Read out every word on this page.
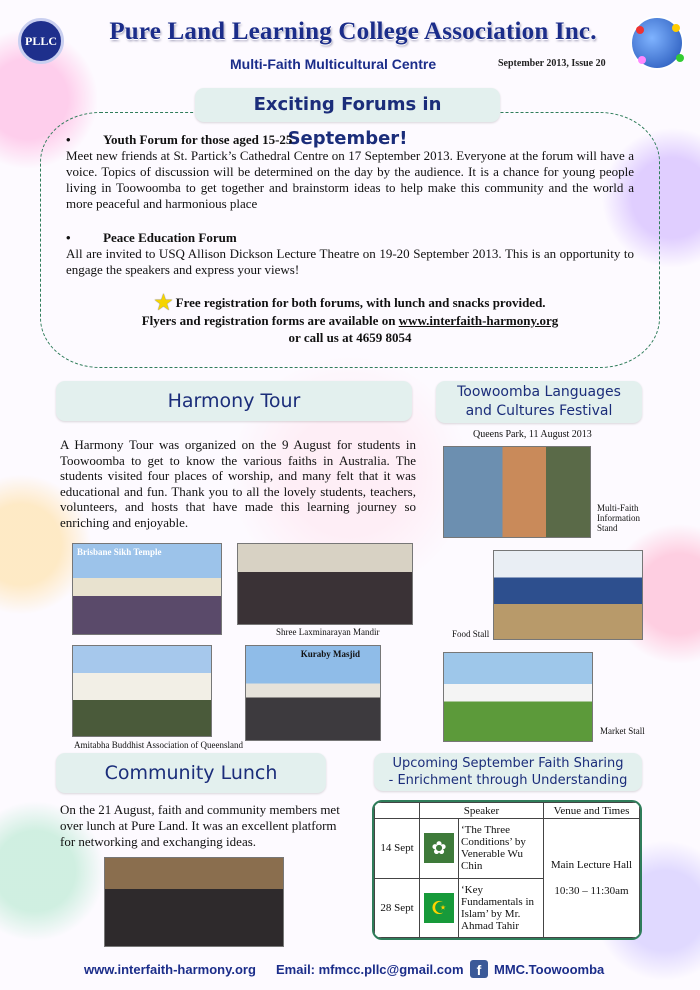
PLLC	Pure Land Learning College Association Inc.
Multi-Faith Multicultural Centre	September 2013, Issue 20
Exciting Forums in September!
•          Youth Forum for those aged 15-25
Meet new friends at St. Partick’s Cathedral Centre on 17 September 2013. Everyone at the forum will have a voice. Topics of discussion will be determined on the day by the audience. It is a chance for young people living in Toowoomba to get together and brainstorm ideas to help make this community and the world a more peaceful and harmonious place
•          Peace Education Forum
All are invited to USQ Allison Dickson Lecture Theatre on 19-20 September 2013. This is an opportunity to engage the speakers and express your views!
★ Free registration for both forums, with lunch and snacks provided.
Flyers and registration forms are available on www.interfaith-harmony.org
or call us at 4659 8054
Harmony Tour
A Harmony Tour was organized on the 9 August for students in Toowoomba to get to know the various faiths in Australia. The students visited four places of worship, and many felt that it was educational and fun. Thank you to all the lovely students, teachers, volunteers, and hosts that have made this learning journey so enriching and enjoyable.
Brisbane Sikh Temple
Shree Laxminarayan Mandir
Amitabha Buddhist Association of Queensland
Kuraby Masjid
Toowoomba Languages
and Cultures Festival
Queens Park, 11 August 2013
Multi-Faith Information Stand
Food Stall
Market Stall
Community Lunch
On the 21 August, faith and community members met over lunch at Pure Land. It was an excellent platform for networking and exchanging ideas.
Upcoming September Faith Sharing
- Enrichment through Understanding
	Speaker		Venue and Times
14 Sept	✿	‘The Three Conditions’ by Venerable Wu Chin	Main Lecture Hall
10:30 – 11:30am

28 Sept	☪	‘Key Fundamentals in Islam’ by Mr. Ahmad Tahir	
www.interfaith-harmony.org Email: mfmcc.pllc@gmail.com f MMC.Toowoomba
